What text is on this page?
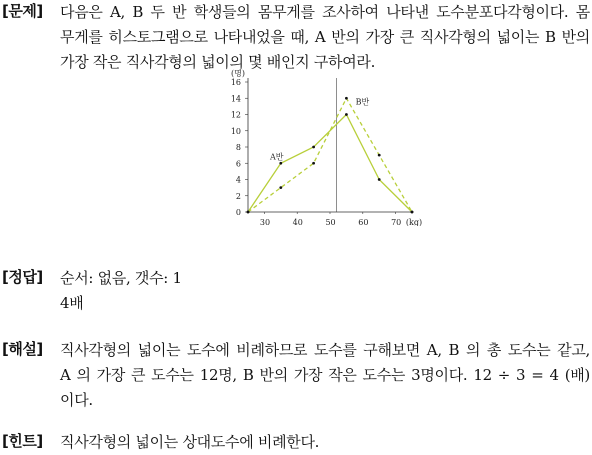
[문제] 다음은 A, B 두 반 학생들의 몸무게를 조사하여 나타낸 도수분포다각형이다. 몸
무게를 히스토그램으로 나타내었을 때, A 반의 가장 큰 직사각형의 넓이는 B 반의
가장 작은 직사각형의 넓이의 몇 배인지 구하여라.
0
2
4
6
8
10
12
14
16
30	40	50	60	70
A반
B반
(명)
(kg)
[정답] 순서: 없음, 갯수: 1
4배
[해설] 직사각형의 넓이는 도수에 비례하므로 도수를 구해보면 A, B 의 총 도수는 같고,
A 의 가장 큰 도수는 12명, B 반의 가장 작은 도수는 3명이다. 12 ÷ 3 = 4 (배)
이다.
[힌트] 직사각형의 넓이는 상대도수에 비례한다.
